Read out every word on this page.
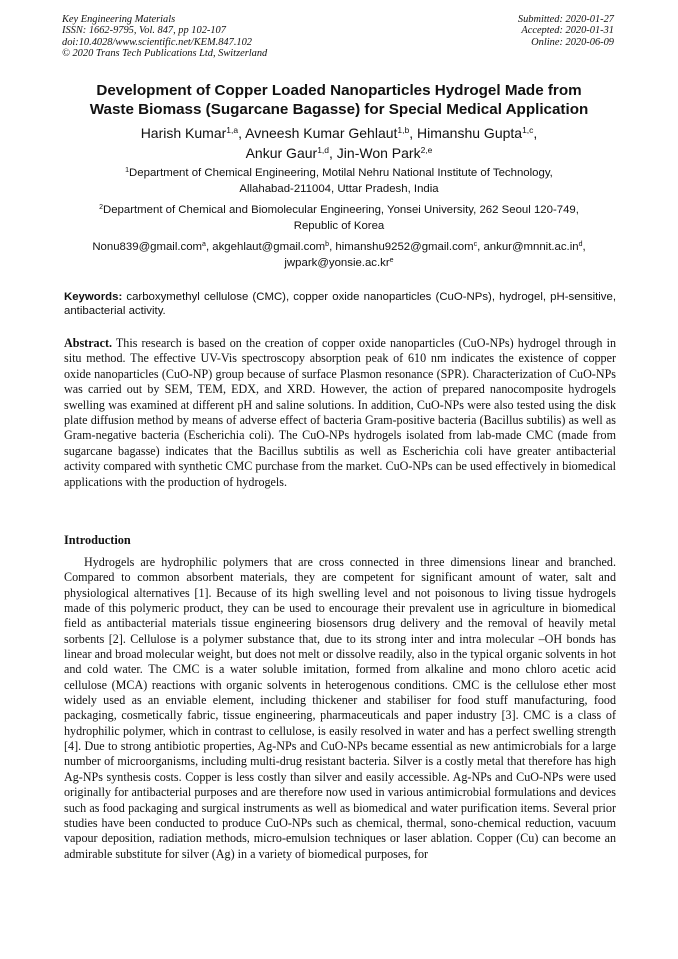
Key Engineering Materials
ISSN: 1662-9795, Vol. 847, pp 102-107
doi:10.4028/www.scientific.net/KEM.847.102
© 2020 Trans Tech Publications Ltd, Switzerland
Submitted: 2020-01-27
Accepted: 2020-01-31
Online: 2020-06-09
Development of Copper Loaded Nanoparticles Hydrogel Made from
Waste Biomass (Sugarcane Bagasse) for Special Medical Application
Harish Kumar$^{1,a}$, Avneesh Kumar Gehlaut$^{1,b}$, Himanshu Gupta$^{1,c}$,
Ankur Gaur$^{1,d}$, Jin-Won Park$^{2,e}$
$^1$Department of Chemical Engineering, Motilal Nehru National Institute of Technology,
Allahabad-211004, Uttar Pradesh, India
$^2$Department of Chemical and Biomolecular Engineering, Yonsei University, 262 Seoul 120-749,
Republic of Korea
Nonu839@gmail.com$^a$, akgehlaut@gmail.com$^b$, himanshu9252@gmail.com$^c$, $ankur@mnnit.ac.in^d$,
$jwpark@yonsie.ac.kr^e$
Keywords: carboxymethyl cellulose (CMC), copper oxide nanoparticles (CuO-NPs), hydrogel, pH-sensitive, antibacterial activity.
Abstract. This research is based on the creation of copper oxide nanoparticles (CuO-NPs) hydrogel through in situ method. The effective UV-Vis spectroscopy absorption peak of 610 nm indicates the existence of copper oxide nanoparticles (CuO-NP) group because of surface Plasmon resonance (SPR). Characterization of CuO-NPs was carried out by SEM, TEM, EDX, and XRD. However, the action of prepared nanocomposite hydrogels swelling was examined at different pH and saline solutions. In addition, CuO-NPs were also tested using the disk plate diffusion method by means of adverse effect of bacteria Gram-positive bacteria (Bacillus subtilis) as well as Gram-negative bacteria (Escherichia coli). The CuO-NPs hydrogels isolated from lab-made CMC (made from sugarcane bagasse) indicates that the Bacillus subtilis as well as Escherichia coli have greater antibacterial activity compared with synthetic CMC purchase from the market. CuO-NPs can be used effectively in biomedical applications with the production of hydrogels.
Introduction

Hydrogels are hydrophilic polymers that are cross connected in three dimensions linear and branched. Compared to common absorbent materials, they are competent for significant amount of water, salt and physiological alternatives [1]. Because of its high swelling level and not poisonous to living tissue hydrogels made of this polymeric product, they can be used to encourage their prevalent use in agriculture in biomedical field as antibacterial materials tissue engineering biosensors drug delivery and the removal of heavily metal sorbents [2]. Cellulose is a polymer substance that, due to its strong inter and intra molecular –OH bonds has linear and broad molecular weight, but does not melt or dissolve readily, also in the typical organic solvents in hot and cold water. The CMC is a water soluble imitation, formed from alkaline and mono chloro acetic acid cellulose (MCA) reactions with organic solvents in heterogenous conditions. CMC is the cellulose ether most widely used as an enviable element, including thickener and stabiliser for food stuff manufacturing, food packaging, cosmetically fabric, tissue engineering, pharmaceuticals and paper industry [3]. CMC is a class of hydrophilic polymer, which in contrast to cellulose, is easily resolved in water and has a perfect swelling strength [4]. Due to strong antibiotic properties, Ag-NPs and CuO-NPs became essential as new antimicrobials for a large number of microorganisms, including multi-drug resistant bacteria. Silver is a costly metal that therefore has high Ag-NPs synthesis costs. Copper is less costly than silver and easily accessible. Ag-NPs and CuO-NPs were used originally for antibacterial purposes and are therefore now used in various antimicrobial formulations and devices such as food packaging and surgical instruments as well as biomedical and water purification items. Several prior studies have been conducted to produce CuO-NPs such as chemical, thermal, sono-chemical reduction, vacuum vapour deposition, radiation methods, micro-emulsion techniques or laser ablation. Copper (Cu) can become an admirable substitute for silver (Ag) in a variety of biomedical purposes, for
